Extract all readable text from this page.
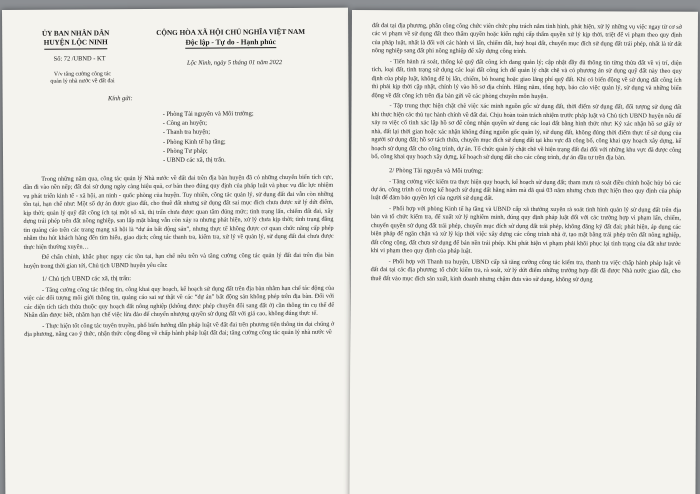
ỦY BAN NHÂN DÂN
HUYỆN LỘC NINH
CỘNG HÒA XÃ HỘI CHỦ NGHĨA VIỆT NAM
Độc lập - Tự do - Hạnh phúc
Số: 72 /UBND - KT
Lộc Ninh, ngày 5 tháng 01 năm 2022
V/v tăng cường công tác
quản lý nhà nước về đất đai
Kính gửi:
- Phòng Tài nguyên và Môi trường;
- Công an huyện;
- Thanh tra huyện;
- Phòng Kinh tế hạ tầng;
- Phòng Tư pháp;
- UBND các xã, thị trấn.

Trong những năm qua, công tác quản lý Nhà nước về đất đai trên địa bàn huyện đã có những chuyển biến tích cực, dần đi vào nền nếp; đất đai sử dụng ngày càng hiệu quả, cơ bản theo đúng quy định của pháp luật và phục vụ đắc lực nhiệm vụ phát triển kinh tế - xã hội, an ninh - quốc phòng của huyện. Tuy nhiên, công tác quản lý, sử dụng đất đai vẫn còn những tồn tại, hạn chế như: Một số dự án được giao đất, cho thuê đất nhưng sử dụng đất sai mục đích chưa được xử lý dứt điểm, kịp thời; quản lý quỹ đất công ích tại một số xã, thị trấn chưa được quan tâm đúng mức; tình trạng lấn, chiếm đất đai, xây dựng trái phép trên đất nông nghiệp, san lấp mặt bằng vẫn còn xảy ra nhưng phát hiện, xử lý chưa kịp thời; tình trạng đăng tin quảng cáo trên các trang mạng xã hội là “dự án bất động sản”, nhưng thực tế không được cơ quan chức năng cấp phép nhằm thu hút khách hàng đến tìm hiểu, giao dịch; công tác thanh tra, kiểm tra, xử lý về quản lý, sử dụng đất đai chưa được thực hiện thường xuyên…

Để chấn chỉnh, khắc phục ngay các tồn tại, hạn chế nêu trên và tăng cường công tác quản lý đất đai trên địa bàn huyện trong thời gian tới, Chủ tịch UBND huyện yêu cầu:

1/ Chủ tịch UBND các xã, thị trấn:

- Tăng cường công tác thông tin, công khai quy hoạch, kế hoạch sử dụng đất trên địa bàn nhằm hạn chế tác động của việc các đối tượng môi giới thông tin, quảng cáo sai sự thật về các “dự án” bất động sản không phép trên địa bàn. Đối với các diện tích tách thửa thuộc quy hoạch đất nông nghiệp (không được phép chuyển đổi sang đất ở) cần thông tin cụ thể để Nhân dân được biết, nhằm hạn chế việc lừa đảo để chuyển nhượng quyền sử dụng đất với giá cao, không đúng thực tế.

- Thực hiện tốt công tác tuyên truyền, phổ biến hướng dẫn pháp luật về đất đai trên phương tiện thông tin đại chúng ở địa phương, nâng cao ý thức, nhận thức cộng đồng về chấp hành pháp luật đất đai; tăng cường công tác quản lý nhà nước về

đất đai tại địa phương, phân công công chức viên chức phụ trách nắm tình hình, phát hiện, xử lý những vụ việc ngay từ cơ sở các vi phạm về sử dụng đất theo thẩm quyền hoặc kiến nghị cấp thẩm quyền xử lý kịp thời, triệt để vi phạm theo quy định của pháp luật, nhất là đối với các hành vi lấn, chiếm đất, huỷ hoại đất, chuyển mục đích sử dụng đất trái phép, nhất là từ đất nông nghiệp sang đất phi nông nghiệp để xây dựng công trình.

- Tiến hành rà soát, thống kê quỹ đất công ích đang quản lý; cập nhật đầy đủ thông tin từng thửa đất về vị trí, diện tích, loại đất, tình trạng sử dụng các loại đất công ích để quản lý chặt chẽ và có phương án sử dụng quỹ đất này theo quy định của pháp luật, không để bị lấn, chiếm, bỏ hoang hoặc giao lãng phí quỹ đất. Khi có biến động về sử dụng đất công ích thì phải kịp thời cập nhật, chỉnh lý vào hồ sơ địa chính. Hằng năm, tổng hợp, báo cáo việc quản lý, sử dụng và những biến động về đất công ích trên địa bàn gửi về các phòng chuyên môn huyện.

- Tập trung thực hiện chặt chẽ việc xác minh nguồn gốc sử dụng đất, thời điểm sử dụng đất, đối tượng sử dụng đất khi thực hiện các thủ tục hành chính về đất đai. Chịu hoàn toàn trách nhiệm trước pháp luật và Chủ tịch UBND huyện nếu để xảy ra việc cố tình xác lập hồ sơ để công nhận quyền sử dụng các loại đất bằng hình thức như: Ký xác nhận hồ sơ giấy tờ nhà, đất lại thời gian hoặc xác nhận không đúng nguồn gốc quản lý, sử dụng đất, không đúng thời điểm thực tế sử dụng của người sử dụng đất; hồ sơ tách thửa, chuyển mục đích sử dụng đất tại khu vực đã công bố, công khai quy hoạch xây dựng, kế hoạch sử dụng đất cho công trình, dự án. Tổ chức quản lý chặt chẽ về hiện trạng đất đai đối với những khu vực đã được công bố, công khai quy hoạch xây dựng, kế hoạch sử dụng đất cho các công trình, dự án đầu tư trên địa bàn.

2/ Phòng Tài nguyên và Môi trường:

- Tăng cường việc kiểm tra thực hiện quy hoạch, kế hoạch sử dụng đất; tham mưu rà soát điều chỉnh hoặc hủy bỏ các dự án, công trình có trong kế hoạch sử dụng đất hằng năm mà đã quá 03 năm nhưng chưa thực hiện theo quy định của pháp luật để đảm bảo quyền lợi của người sử dụng đất.

- Phối hợp với phòng Kinh tế hạ tầng và UBND cấp xã thường xuyên rà soát tình hình quản lý sử dụng đất trên địa bàn và tổ chức kiểm tra, để xuất xử lý nghiêm minh, đúng quy định pháp luật đối với các trường hợp vi phạm lấn, chiếm, chuyển quyền sử dụng đất trái phép, chuyển mục đích sử dụng đất trái phép, không đăng ký đất đai; phát hiện, áp dụng các biện pháp để ngăn chặn và xử lý kịp thời việc xây dựng các công trình nhà ở, tạo mặt bằng trái phép trên đất nông nghiệp, đất công cộng, đất chưa sử dụng để bán nền trái phép. Khi phát hiện vi phạm phải khôi phục lại tình trạng của đất như trước khi vi phạm theo quy định của pháp luật.

- Phối hợp với Thanh tra huyện, UBND cấp xã tăng cường công tác kiểm tra, thanh tra việc chấp hành pháp luật về đất đai tại các địa phương; tổ chức kiểm tra, rà soát, xử lý dứt điểm những trường hợp đất đã được Nhà nước giao đất, cho thuê đất vào mục đích sản xuất, kinh doanh nhưng chậm đưa vào sử dụng, không sử dụng
